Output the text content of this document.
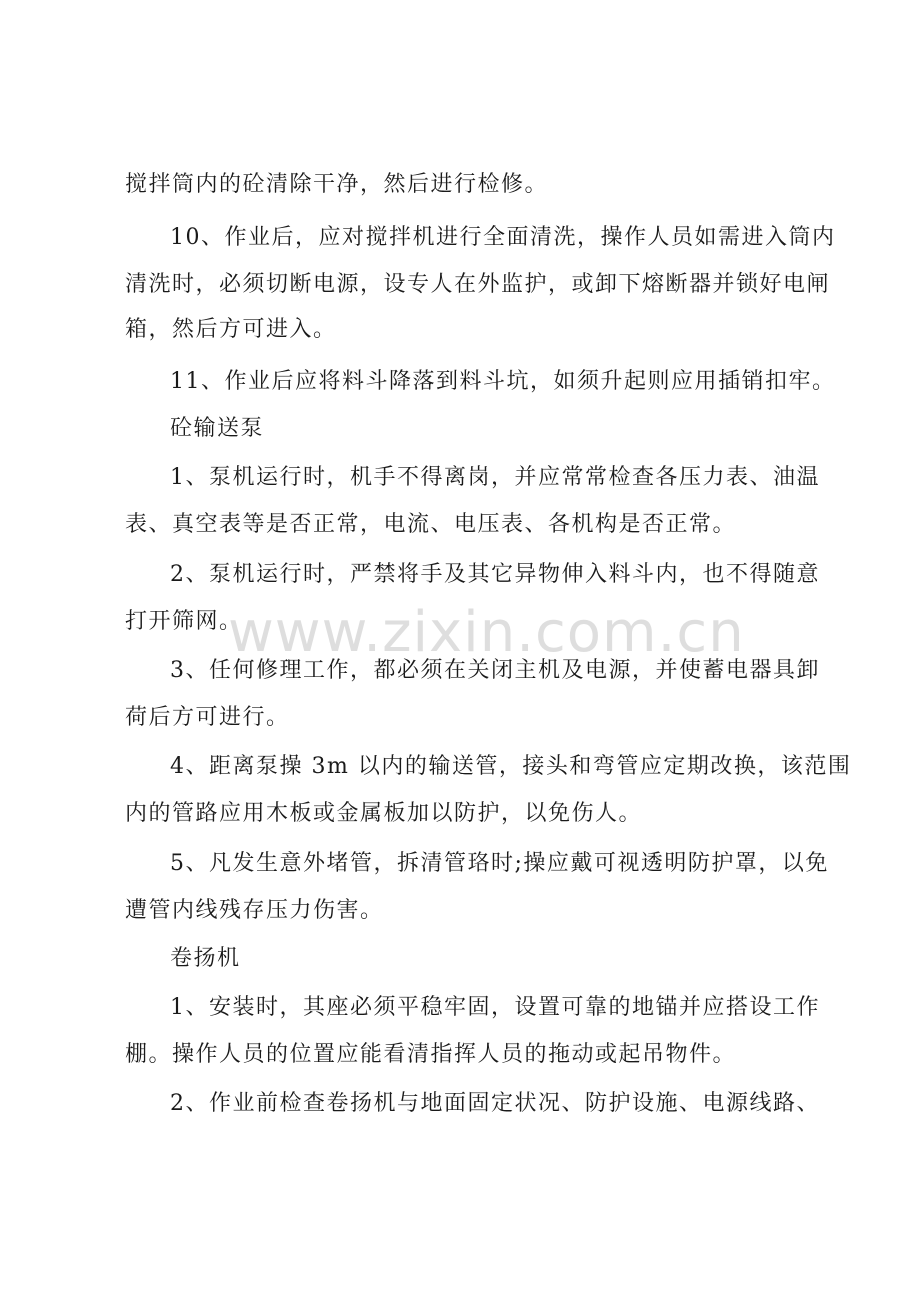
搅拌筒内的砼清除干净，然后进行检修。
10、作业后，应对搅拌机进行全面清洗，操作人员如需进入筒内
清洗时，必须切断电源，设专人在外监护，或卸下熔断器并锁好电闸
箱，然后方可进入。
11、作业后应将料斗降落到料斗坑，如须升起则应用插销扣牢。
砼输送泵
1、泵机运行时，机手不得离岗，并应常常检查各压力表、油温
表、真空表等是否正常，电流、电压表、各机构是否正常。
2、泵机运行时，严禁将手及其它异物伸入料斗内，也不得随意
打开筛网。
3、任何修理工作，都必须在关闭主机及电源，并使蓄电器具卸
荷后方可进行。
4、距离泵操 3m 以内的输送管，接头和弯管应定期改换，该范围
内的管路应用木板或金属板加以防护，以免伤人。
5、凡发生意外堵管，拆清管珞时;操应戴可视透明防护罩，以免
遭管内线残存压力伤害。
卷扬机
1、安装时，其座必须平稳牢固，设置可靠的地锚并应搭设工作
棚。操作人员的位置应能看清指挥人员的拖动或起吊物件。
2、作业前检查卷扬机与地面固定状况、防护设施、电源线路、
www.zixin.com.cn
